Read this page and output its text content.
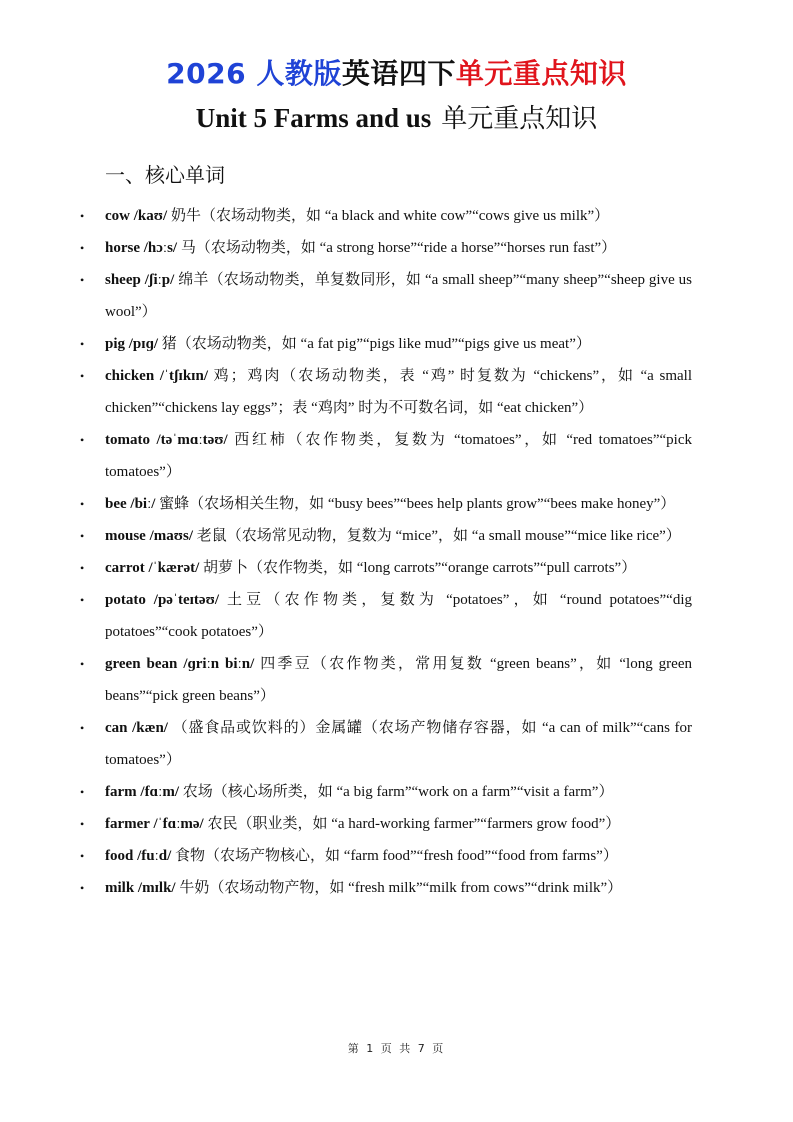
2026 人教版英语四下单元重点知识
Unit 5 Farms and us 单元重点知识
一、核心单词
• cow /kaʊ/ 奶牛（农场动物类，如 “a black and white cow”“cows give us milk”）
• horse /hɔːs/ 马（农场动物类，如 “a strong horse”“ride a horse”“horses run fast”）
• sheep /ʃiːp/ 绵羊（农场动物类，单复数同形，如 “a small sheep”“many sheep”“sheep give us wool”）
• pig /pɪɡ/ 猪（农场动物类，如 “a fat pig”“pigs like mud”“pigs give us meat”）
• chicken /ˈtʃɪkɪn/ 鸡；鸡肉（农场动物类，表 “鸡” 时复数为 “chickens”，如 “a small chicken”“chickens lay eggs”；表 “鸡肉” 时为不可数名词，如 “eat chicken”）
• tomato /təˈmɑːtəʊ/ 西红柿（农作物类，复数为 “tomatoes”，如 “red tomatoes”“pick tomatoes”）
• bee /biː/ 蜜蜂（农场相关生物，如 “busy bees”“bees help plants grow”“bees make honey”）
• mouse /maʊs/ 老鼠（农场常见动物，复数为 “mice”，如 “a small mouse”“mice like rice”）
• carrot /ˈkærət/ 胡萝卜（农作物类，如 “long carrots”“orange carrots”“pull carrots”）
• potato /pəˈteɪtəʊ/ 土豆（农作物类，复数为 “potatoes”，如 “round potatoes”“dig potatoes”“cook potatoes”）
• green bean /ɡriːn biːn/ 四季豆（农作物类，常用复数 “green beans”，如 “long green beans”“pick green beans”）
• can /kæn/ （盛食品或饮料的）金属罐（农场产物储存容器，如 “a can of milk”“cans for tomatoes”）
• farm /fɑːm/ 农场（核心场所类，如 “a big farm”“work on a farm”“visit a farm”）
• farmer /ˈfɑːmə/ 农民（职业类，如 “a hard-working farmer”“farmers grow food”）
• food /fuːd/ 食物（农场产物核心，如 “farm food”“fresh food”“food from farms”）
• milk /mɪlk/ 牛奶（农场动物产物，如 “fresh milk”“milk from cows”“drink milk”）
第 1 页 共 7 页
